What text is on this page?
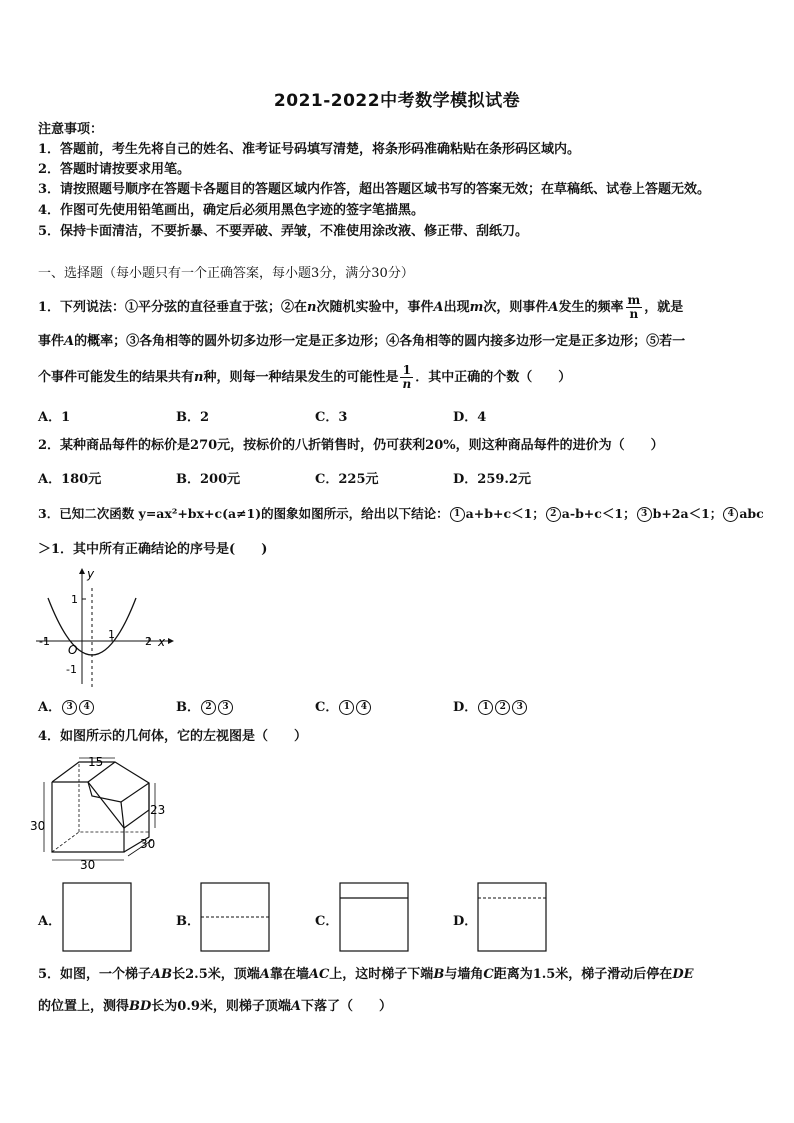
2021-2022中考数学模拟试卷
注意事项：
1．答题前，考生先将自己的姓名、准考证号码填写清楚，将条形码准确粘贴在条形码区域内。
2．答题时请按要求用笔。
3．请按照题号顺序在答题卡各题目的答题区域内作答，超出答题区域书写的答案无效；在草稿纸、试卷上答题无效。
4．作图可先使用铅笔画出，确定后必须用黑色字迹的签字笔描黑。
5．保持卡面清洁，不要折暴、不要弄破、弄皱，不准使用涂改液、修正带、刮纸刀。
一、选择题（每小题只有一个正确答案，每小题3分，满分30分）
1．下列说法：①平分弦的直径垂直于弦；②在n次随机实验中，事件A出现m次，则事件A发生的频率 $\frac{m}{n}$ ，就是
事件A的概率；③各角相等的圆外切多边形一定是正多边形；④各角相等的圆内接多边形一定是正多边形；⑤若一
个事件可能发生的结果共有n种，则每一种结果发生的可能性是 $\frac{1}{n}$ ．其中正确的个数（　　）
A．1	B．2	C．3	D．4
2．某种商品每件的标价是270元，按标价的八折销售时，仍可获利20%，则这种商品每件的进价为（　　）
A．180元	B．200元	C．225元	D．259.2元
3．已知二次函数 y=ax²+bx+c(a≠1)的图象如图所示，给出以下结论： 1 a+b+c＜1； 2 a-b+c＜1； 3 b+2a＜1； 4 abc
＞1．其中所有正确结论的序号是(　　)
y
x
O
1
-1
-1
1
2
A． 3 4	B． 2 3	C． 1 4	D． 1 2 3
4．如图所示的几何体，它的左视图是（　　）
15
23
30
30
30
A．	B．	C．	D．
5．如图，一个梯子AB长2.5米，顶端A靠在墙AC上，这时梯子下端B与墙角C距离为1.5米，梯子滑动后停在DE
的位置上，测得BD长为0.9米，则梯子顶端A下落了（　　）
